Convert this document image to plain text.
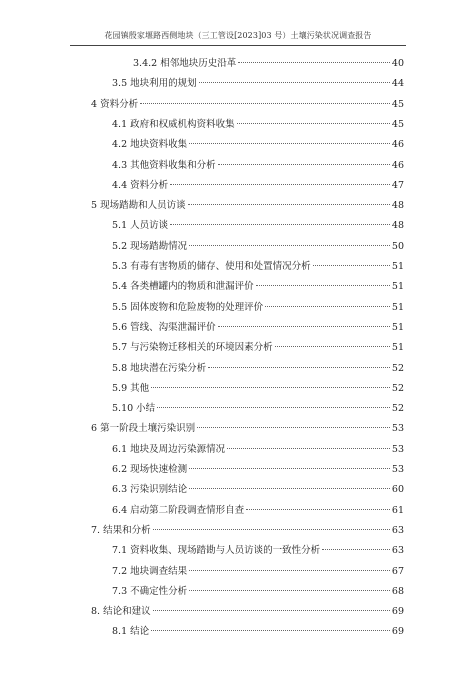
花园镇殷家堰路西侧地块（三工管设[2023]03 号）土壤污染状况调查报告
3.4.2 相邻地块历史沿革	40
3.5 地块利用的规划	44
4 资料分析	45
4.1 政府和权威机构资料收集	45
4.2 地块资料收集	46
4.3 其他资料收集和分析	46
4.4 资料分析	47
5 现场踏勘和人员访谈	48
5.1 人员访谈	48
5.2 现场踏勘情况	50
5.3 有毒有害物质的储存、使用和处置情况分析	51
5.4 各类槽罐内的物质和泄漏评价	51
5.5 固体废物和危险废物的处理评价	51
5.6 管线、沟渠泄漏评价	51
5.7 与污染物迁移相关的环境因素分析	51
5.8 地块潜在污染分析	52
5.9 其他	52
5.10 小结	52
6 第一阶段土壤污染识别	53
6.1 地块及周边污染源情况	53
6.2 现场快速检测	53
6.3 污染识别结论	60
6.4 启动第二阶段调查情形自查	61
7. 结果和分析	63
7.1 资料收集、现场踏勘与人员访谈的一致性分析	63
7.2 地块调查结果	67
7.3 不确定性分析	68
8. 结论和建议	69
8.1 结论	69
